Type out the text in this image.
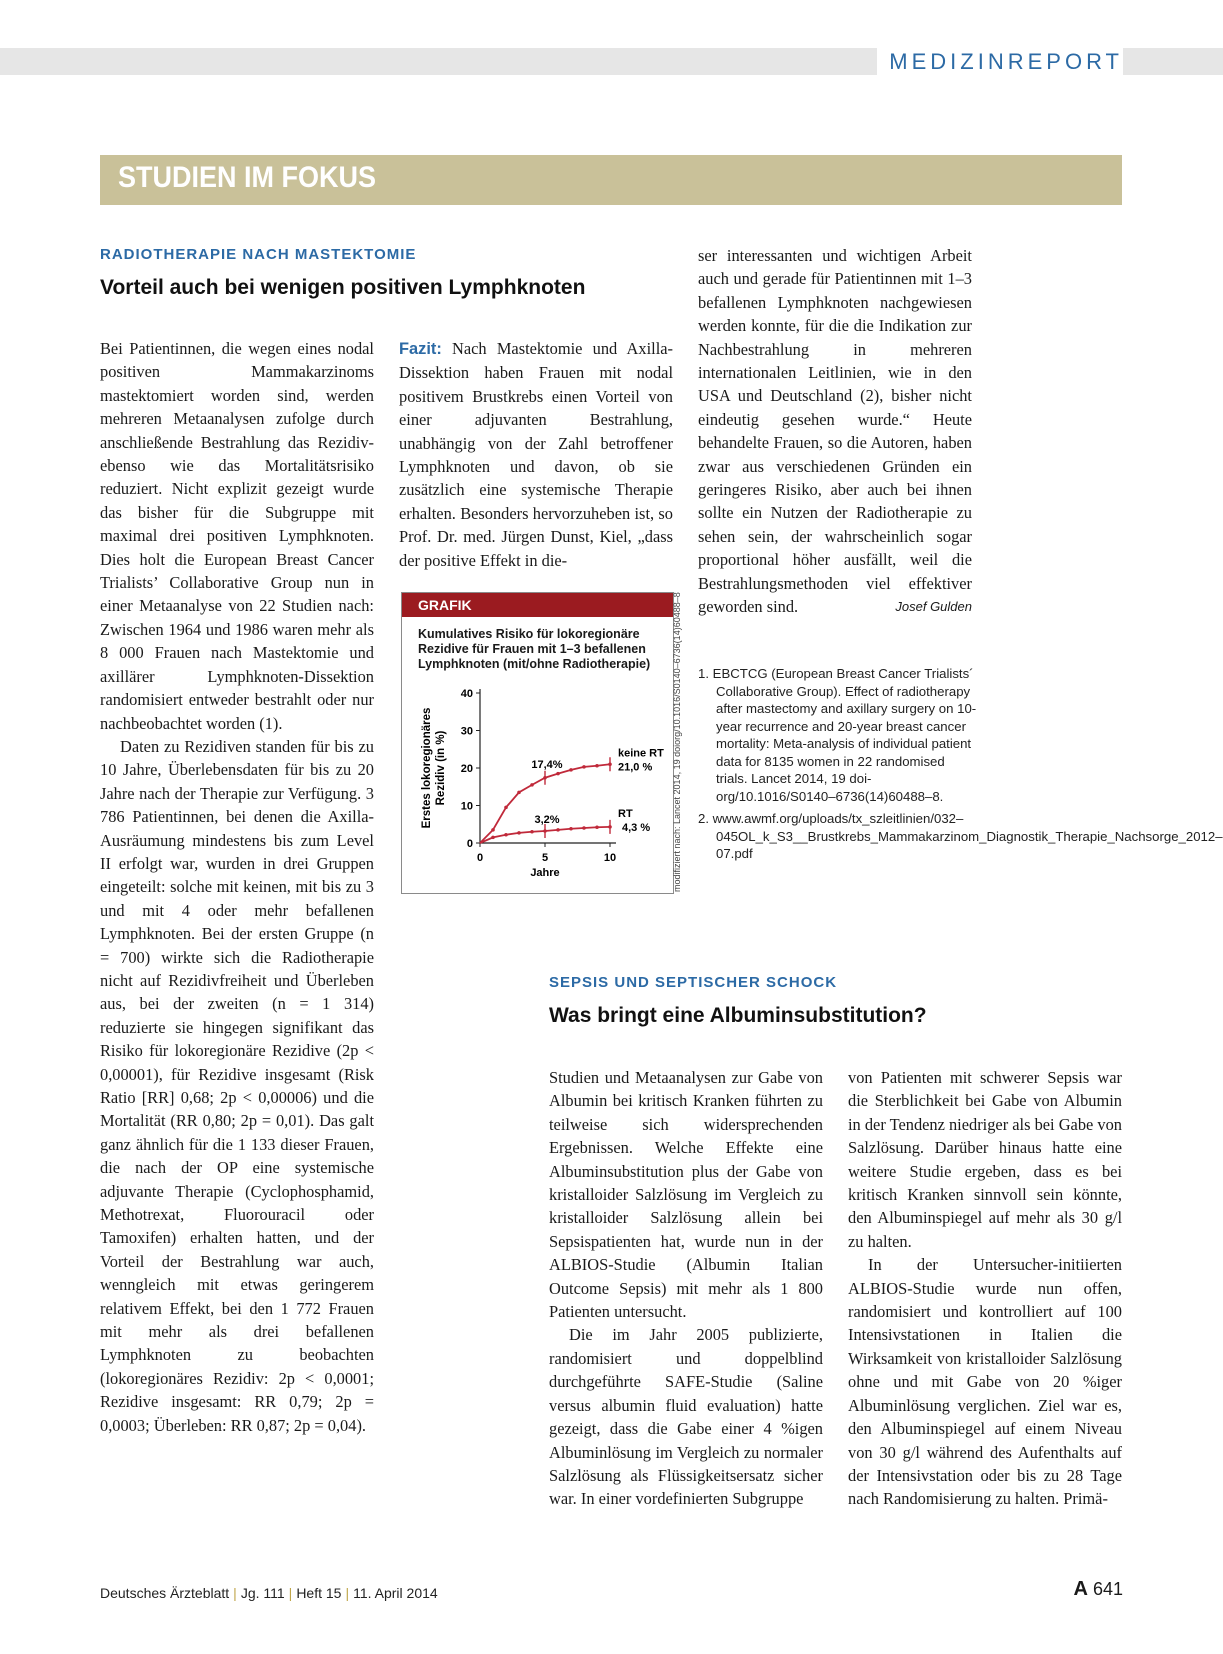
MEDIZINREPORT
STUDIEN IM FOKUS
RADIOTHERAPIE NACH MASTEKTOMIE
Vorteil auch bei wenigen positiven Lymphknoten

Bei Patientinnen, die wegen eines nodal positiven Mammakarzinoms mastektomiert worden sind, werden mehreren Metaanalysen zufolge durch anschließende Bestrahlung das Rezidiv- ebenso wie das Mortalitätsrisiko reduziert. Nicht explizit gezeigt wurde das bisher für die Subgruppe mit maximal drei positiven Lymphknoten. Dies holt die European Breast Cancer Trialists’ Collaborative Group nun in einer Metaanalyse von 22 Studien nach: Zwischen 1964 und 1986 waren mehr als 8 000 Frauen nach Mastektomie und axillärer Lymphknoten-Dissektion randomisiert entweder bestrahlt oder nur nachbeobachtet worden (1).

Daten zu Rezidiven standen für bis zu 10 Jahre, Überlebensdaten für bis zu 20 Jahre nach der Therapie zur Verfügung. 3 786 Patientinnen, bei denen die Axilla-Ausräumung mindestens bis zum Level II erfolgt war, wurden in drei Gruppen eingeteilt: solche mit keinen, mit bis zu 3 und mit 4 oder mehr befallenen Lymphknoten. Bei der ersten Gruppe (n = 700) wirkte sich die Radiotherapie nicht auf Rezidivfreiheit und Überleben aus, bei der zweiten (n = 1 314) reduzierte sie hingegen signifikant das Risiko für lokoregionäre Rezidive (2p < 0,00001), für Rezidive insgesamt (Risk Ratio [RR] 0,68; 2p < 0,00006) und die Mortalität (RR 0,80; 2p = 0,01). Das galt ganz ähnlich für die 1 133 dieser Frauen, die nach der OP eine systemische adjuvante Therapie (Cyclophosphamid, Methotrexat, Fluorouracil oder Tamoxifen) erhalten hatten, und der Vorteil der Bestrahlung war auch, wenngleich mit etwas geringerem relativem Effekt, bei den 1 772 Frauen mit mehr als drei befallenen Lymphknoten zu beobachten (lokoregionäres Rezidiv: 2p < 0,0001; Rezidive insgesamt: RR 0,79; 2p = 0,0003; Überleben: RR 0,87; 2p = 0,04).

Fazit: Nach Mastektomie und Axilla-Dissektion haben Frauen mit nodal positivem Brustkrebs einen Vorteil von einer adjuvanten Bestrahlung, unabhängig von der Zahl betroffener Lymphknoten und davon, ob sie zusätzlich eine systemische Therapie erhalten. Besonders hervorzuheben ist, so Prof. Dr. med. Jürgen Dunst, Kiel, „dass der positive Effekt in die-

ser interessanten und wichtigen Arbeit auch und gerade für Patientinnen mit 1–3 befallenen Lymphknoten nachgewiesen werden konnte, für die die Indikation zur Nachbestrahlung in mehreren internationalen Leitlinien, wie in den USA und Deutschland (2), bisher nicht eindeutig gesehen wurde.“ Heute behandelte Frauen, so die Autoren, haben zwar aus verschiedenen Gründen ein geringeres Risiko, aber auch bei ihnen sollte ein Nutzen der Radiotherapie zu sehen sein, der wahrscheinlich sogar proportional höher ausfällt, weil die Bestrahlungsmethoden viel effektiver geworden sind.	Josef Gulden

1. EBCTCG (European Breast Cancer Trialists´ Collaborative Group). Effect of radiotherapy after mastectomy and axillary surgery on 10-year recurrence and 20-year breast cancer mortality: Meta-analysis of individual patient data for 8135 women in 22 randomised trials. Lancet 2014, 19 doi-org/10.1016/S0140–6736(14)60488–8.
2. www.awmf.org/uploads/tx_szleitlinien/032–045OL_k_S3__Brustkrebs_Mammakarzinom_Diagnostik_Therapie_Nachsorge_2012–07.pdf
GRAFIK
Kumulatives Risiko für lokoregionäre Rezidive für Frauen mit 1–3 befallenen Lymphknoten (mit/ohne Radiotherapie)
0
10
20
30
40
0	5	10
Jahre
Erstes lokoregionäres Rezidiv (in %)	17,4%
keine RT
21,0 %
3,2%
RT
4,3 % modifiziert nach: Lancet 2014, 19 doiorg/10.1016/S0140–6736(14)60488–8
SEPSIS UND SEPTISCHER SCHOCK
Was bringt eine Albuminsubstitution?

Studien und Metaanalysen zur Gabe von Albumin bei kritisch Kranken führten zu teilweise sich widersprechenden Ergebnissen. Welche Effekte eine Albuminsubstitution plus der Gabe von kristalloider Salzlösung im Vergleich zu kristalloider Salzlösung allein bei Sepsispatienten hat, wurde nun in der ALBIOS-Studie (Albumin Italian Outcome Sepsis) mit mehr als 1 800 Patienten untersucht.

Die im Jahr 2005 publizierte, randomisiert und doppelblind durchgeführte SAFE-Studie (Saline versus albumin fluid evaluation) hatte gezeigt, dass die Gabe einer 4 %igen Albuminlösung im Vergleich zu normaler Salzlösung als Flüssigkeitsersatz sicher war. In einer vordefinierten Subgruppe

von Patienten mit schwerer Sepsis war die Sterblichkeit bei Gabe von Albumin in der Tendenz niedriger als bei Gabe von Salzlösung. Darüber hinaus hatte eine weitere Studie ergeben, dass es bei kritisch Kranken sinnvoll sein könnte, den Albuminspiegel auf mehr als 30 g/l zu halten.

In der Untersucher-initiierten ALBIOS-Studie wurde nun offen, randomisiert und kontrolliert auf 100 Intensivstationen in Italien die Wirksamkeit von kristalloider Salzlösung ohne und mit Gabe von 20 %iger Albuminlösung verglichen. Ziel war es, den Albuminspiegel auf einem Niveau von 30 g/l während des Aufenthalts auf der Intensivstation oder bis zu 28 Tage nach Randomisierung zu halten. Primä-

Deutsches Ärzteblatt | Jg. 111 | Heft 15 | 11. April 2014	A 641
